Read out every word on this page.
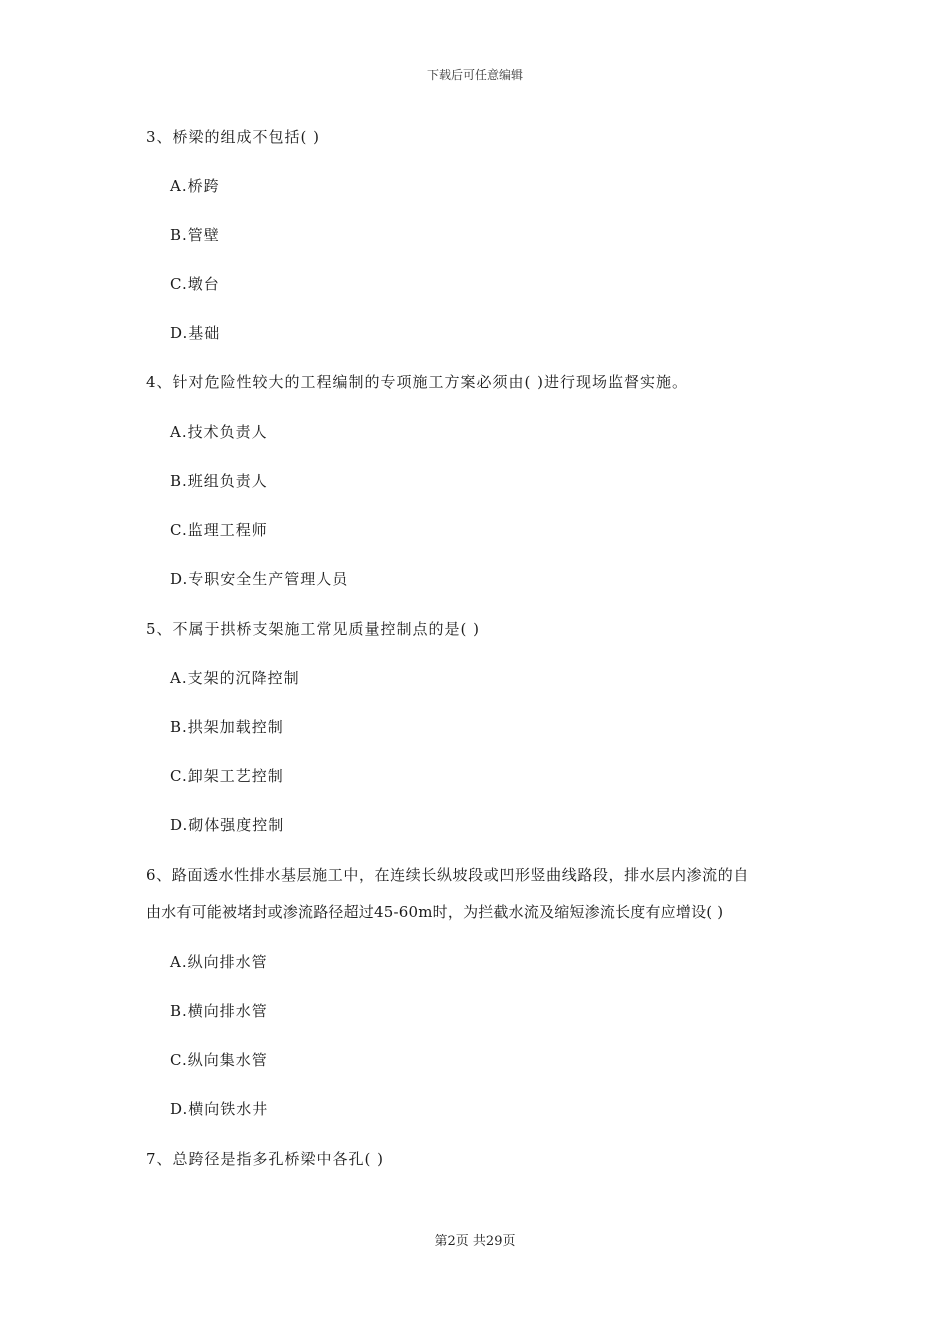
下载后可任意编辑
3、桥梁的组成不包括( )
A.桥跨
B.管壁
C.墩台
D.基础
4、针对危险性较大的工程编制的专项施工方案必须由( )进行现场监督实施。
A.技术负责人
B.班组负责人
C.监理工程师
D.专职安全生产管理人员
5、不属于拱桥支架施工常见质量控制点的是( )
A.支架的沉降控制
B.拱架加载控制
C.卸架工艺控制
D.砌体强度控制
6、路面透水性排水基层施工中，在连续长纵坡段或凹形竖曲线路段，排水层内渗流的自
由水有可能被堵封或渗流路径超过45-60m时，为拦截水流及缩短渗流长度有应增设( )
A.纵向排水管
B.横向排水管
C.纵向集水管
D.横向铁水井
7、总跨径是指多孔桥梁中各孔( )
第2页 共29页
